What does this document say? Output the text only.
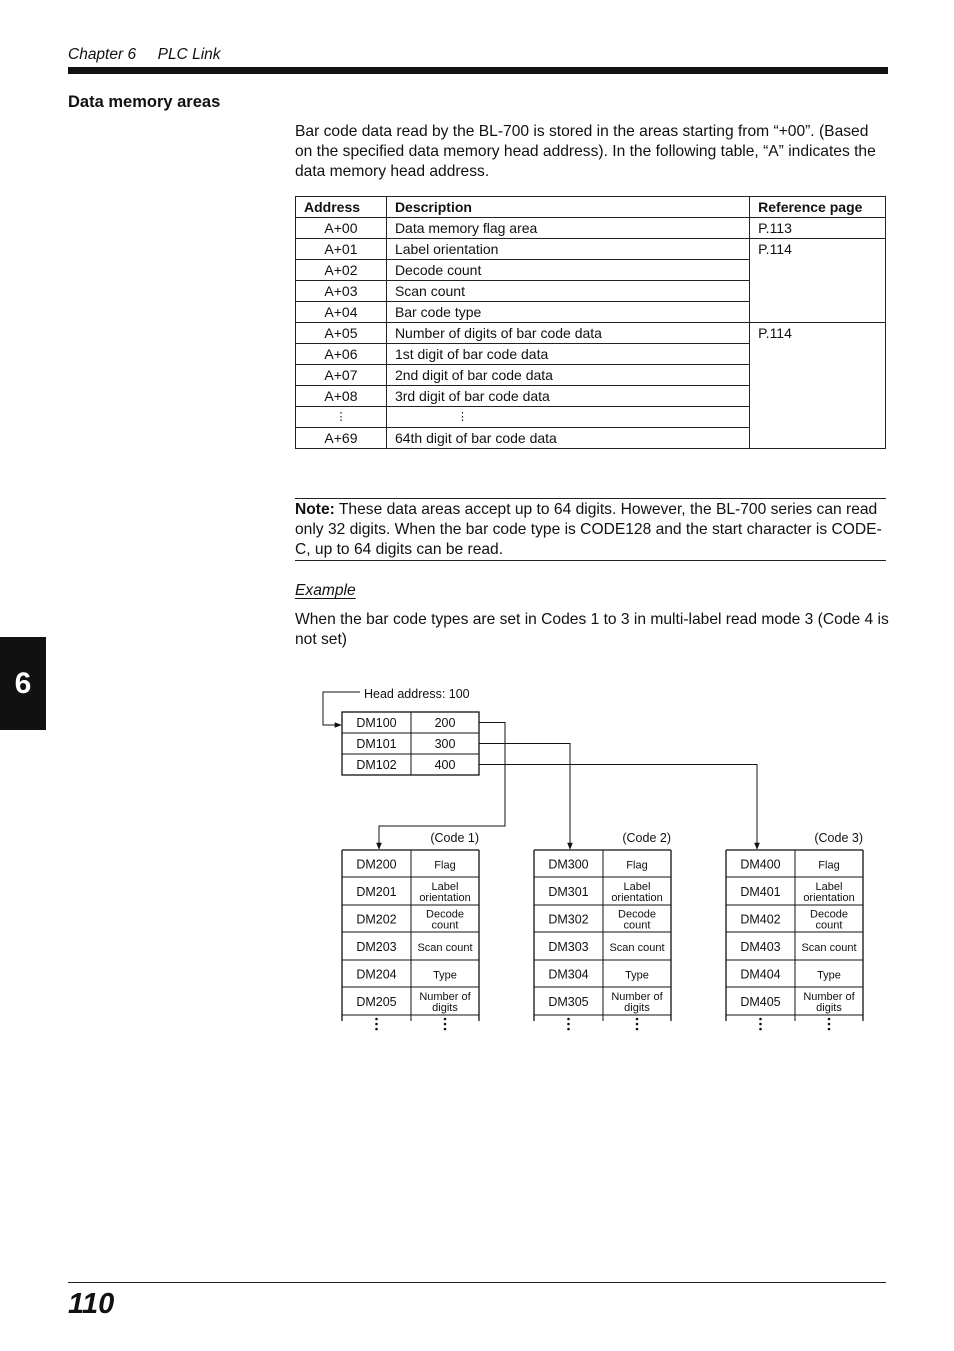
Chapter 6 PLC Link
Data memory areas
Bar code data read by the BL-700 is stored in the areas starting from “+00”. (Based on the specified data memory head address). In the following table, “A” indicates the data memory head address.
Address	Description	Reference page
A+00	Data memory flag area	P.113
A+01	Label orientation	P.114
A+02	Decode count	
A+03	Scan count	
A+04	Bar code type	
A+05	Number of digits of bar code data	P.114
A+06	1st digit of bar code data	
A+07	2nd digit of bar code data	
A+08	3rd digit of bar code data	
⋮	⋮	
A+69	64th digit of bar code data	
Note: These data areas accept up to 64 digits. However, the BL-700 series can read only 32 digits. When the bar code type is CODE128 and the start character is CODE-C, up to 64 digits can be read.
Example
When the bar code types are set in Codes 1 to 3 in multi-label read mode 3 (Code 4 is not set)
Head address: 100
DM100	200
DM101	300
DM102	400
(Code 1)
DM200	Flag
DM201	Label
orientation
DM202	Decode
count
DM203 Scan count
DM204	Type
DM205 Number of
digits
(Code 2)
DM300	Flag
DM301	Label
orientation
DM302	Decode
count
DM303 Scan count
DM304	Type
DM305 Number of
digits
(Code 3)
DM400	Flag
DM401	Label
orientation
DM402	Decode
count
DM403 Scan count
DM404	Type
DM405 Number of
digits
6
110
